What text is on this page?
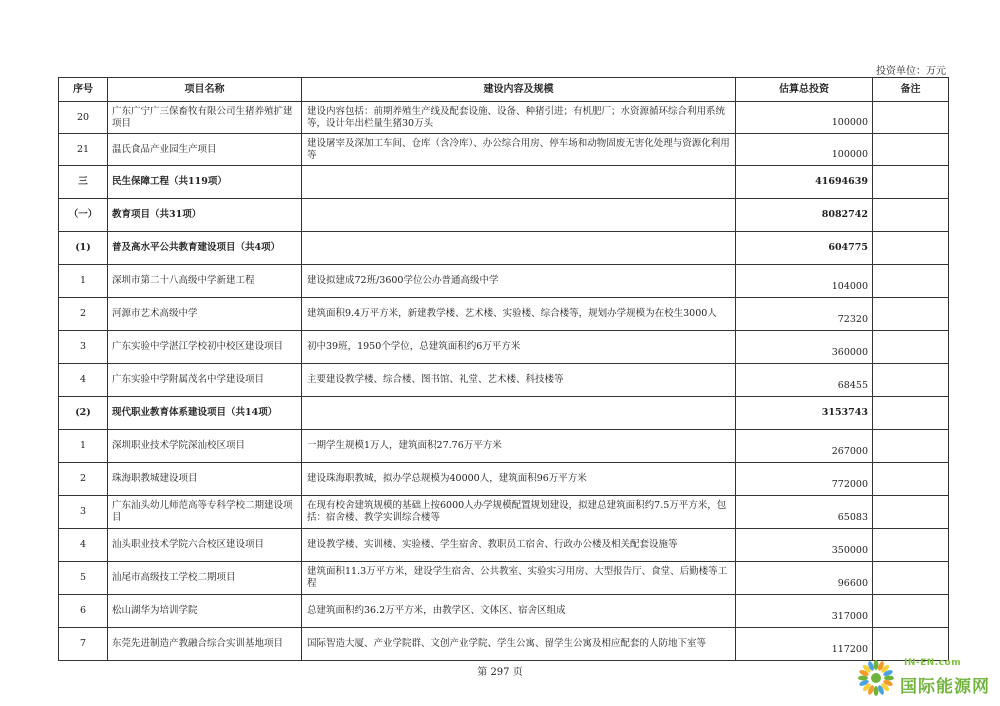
投资单位：万元
序号	项目名称	建设内容及规模	估算总投资	备注
20	广东广宁广三保畜牧有限公司生猪养殖扩建项目	建设内容包括：前期养殖生产线及配套设施、设备、种猪引进；有机肥厂；水资源循环综合利用系统等，设计年出栏量生猪30万头	100000	
21	温氏食品产业园生产项目	建设屠宰及深加工车间、仓库（含冷库）、办公综合用房、停车场和动物固废无害化处理与资源化利用等	100000	
三	民生保障工程（共119项）		41694639	
（一）	教育项目（共31项）		8082742	
(1)	普及高水平公共教育建设项目（共4项）		604775	
1	深圳市第二十八高级中学新建工程	建设拟建成72班/3600学位公办普通高级中学	104000	
2	河源市艺术高级中学	建筑面积9.4万平方米，新建教学楼、艺术楼、实验楼、综合楼等，规划办学规模为在校生3000人	72320	
3	广东实验中学湛江学校初中校区建设项目	初中39班，1950个学位，总建筑面积约6万平方米	360000	
4	广东实验中学附属茂名中学建设项目	主要建设教学楼、综合楼、图书馆、礼堂、艺术楼、科技楼等	68455	
(2)	现代职业教育体系建设项目（共14项）		3153743	
1	深圳职业技术学院深汕校区项目	一期学生规模1万人，建筑面积27.76万平方米	267000	
2	珠海职教城建设项目	建设珠海职教城，拟办学总规模为40000人，建筑面积96万平方米	772000	
3	广东汕头幼儿师范高等专科学校二期建设项目	在现有校舍建筑规模的基础上按6000人办学规模配置规划建设，拟建总建筑面积约7.5万平方米，包括：宿舍楼、教学实训综合楼等	65083	
4	汕头职业技术学院六合校区建设项目	建设教学楼、实训楼、实验楼、学生宿舍、教职员工宿舍、行政办公楼及相关配套设施等	350000	
5	汕尾市高级技工学校二期项目	建筑面积11.3万平方米，建设学生宿舍、公共教室、实验实习用房、大型报告厅、食堂、后勤楼等工程	96600	
6	松山湖华为培训学院	总建筑面积约36.2万平方米，由教学区、文体区、宿舍区组成	317000	
7	东莞先进制造产教融合综合实训基地项目	国际智造大厦、产业学院群、文创产业学院、学生公寓、留学生公寓及相应配套的人防地下室等	117200	
第 297 页
IN-EN.com
国际能源网
